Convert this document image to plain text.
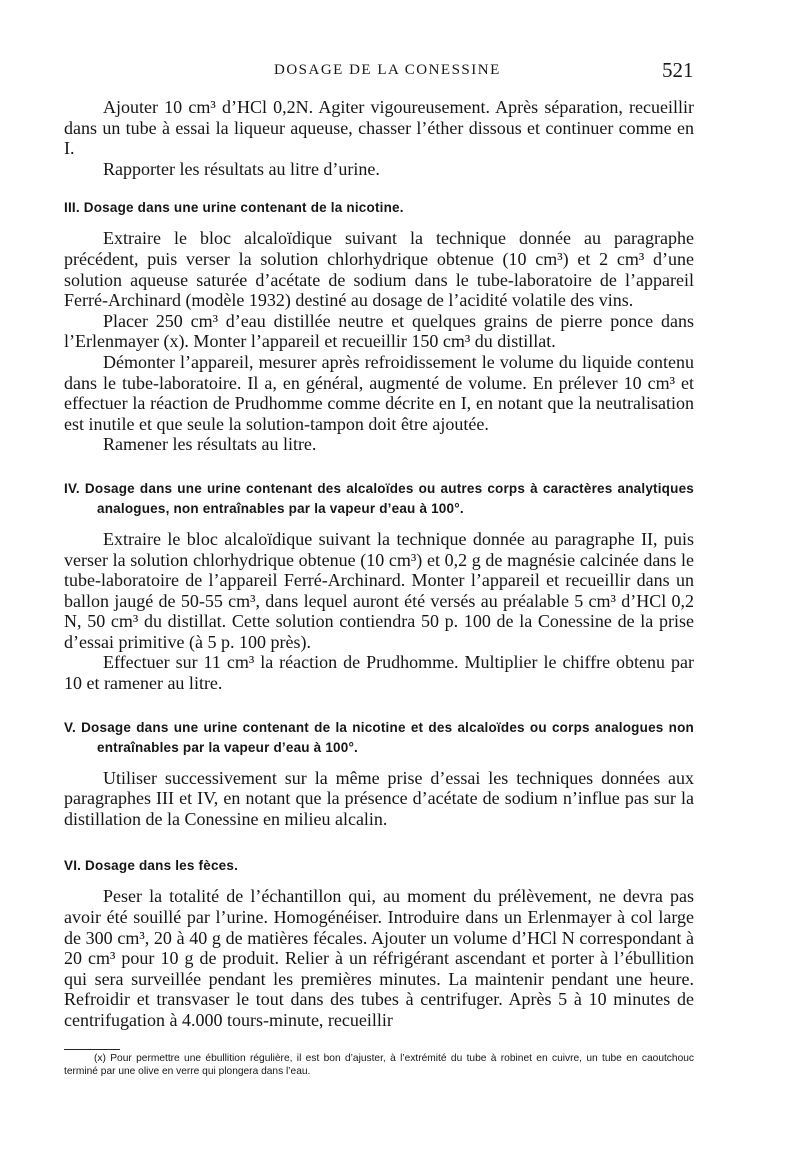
DOSAGE DE LA CONESSINE	521

Ajouter 10 cm³ d’HCl 0,2N. Agiter vigoureusement. Après séparation, recueillir dans un tube à essai la liqueur aqueuse, chasser l’éther dissous et continuer comme en I.

Rapporter les résultats au litre d’urine.

III. Dosage dans une urine contenant de la nicotine.

Extraire le bloc alcaloïdique suivant la technique donnée au paragraphe précédent, puis verser la solution chlorhydrique obtenue (10 cm³) et 2 cm³ d’une solution aqueuse saturée d’acétate de sodium dans le tube-laboratoire de l’appareil Ferré-Archinard (modèle 1932) destiné au dosage de l’acidité volatile des vins.

Placer 250 cm³ d’eau distillée neutre et quelques grains de pierre ponce dans l’Erlenmayer (x). Monter l’appareil et recueillir 150 cm³ du distillat.

Démonter l’appareil, mesurer après refroidissement le volume du liquide contenu dans le tube-laboratoire. Il a, en général, augmenté de volume. En prélever 10 cm³ et effectuer la réaction de Prudhomme comme décrite en I, en notant que la neutralisation est inutile et que seule la solution-tampon doit être ajoutée.

Ramener les résultats au litre.

IV. Dosage dans une urine contenant des alcaloïdes ou autres corps à caractères analytiques analogues, non entraînables par la vapeur d’eau à 100°.

Extraire le bloc alcaloïdique suivant la technique donnée au paragraphe II, puis verser la solution chlorhydrique obtenue (10 cm³) et 0,2 g de magnésie calcinée dans le tube-laboratoire de l’appareil Ferré-Archinard. Monter l’appareil et recueillir dans un ballon jaugé de 50-55 cm³, dans lequel auront été versés au préalable 5 cm³ d’HCl 0,2 N, 50 cm³ du distillat. Cette solution contiendra 50 p. 100 de la Conessine de la prise d’essai primitive (à 5 p. 100 près).

Effectuer sur 11 cm³ la réaction de Prudhomme. Multiplier le chiffre obtenu par 10 et ramener au litre.

V. Dosage dans une urine contenant de la nicotine et des alcaloïdes ou corps analogues non entraînables par la vapeur d’eau à 100°.

Utiliser successivement sur la même prise d’essai les techniques données aux paragraphes III et IV, en notant que la présence d’acétate de sodium n’influe pas sur la distillation de la Conessine en milieu alcalin.

VI. Dosage dans les fèces.

Peser la totalité de l’échantillon qui, au moment du prélèvement, ne devra pas avoir été souillé par l’urine. Homogénéiser. Introduire dans un Erlenmayer à col large de 300 cm³, 20 à 40 g de matières fécales. Ajouter un volume d’HCl N correspondant à 20 cm³ pour 10 g de produit. Relier à un réfrigérant ascendant et porter à l’ébullition qui sera surveillée pendant les premières minutes. La maintenir pendant une heure. Refroidir et transvaser le tout dans des tubes à centrifuger. Après 5 à 10 minutes de centrifugation à 4.000 tours-minute, recueillir

(x) Pour permettre une ébullition régulière, il est bon d’ajuster, à l’extrémité du tube à robinet en cuivre, un tube en caoutchouc terminé par une olive en verre qui plongera dans l’eau.
